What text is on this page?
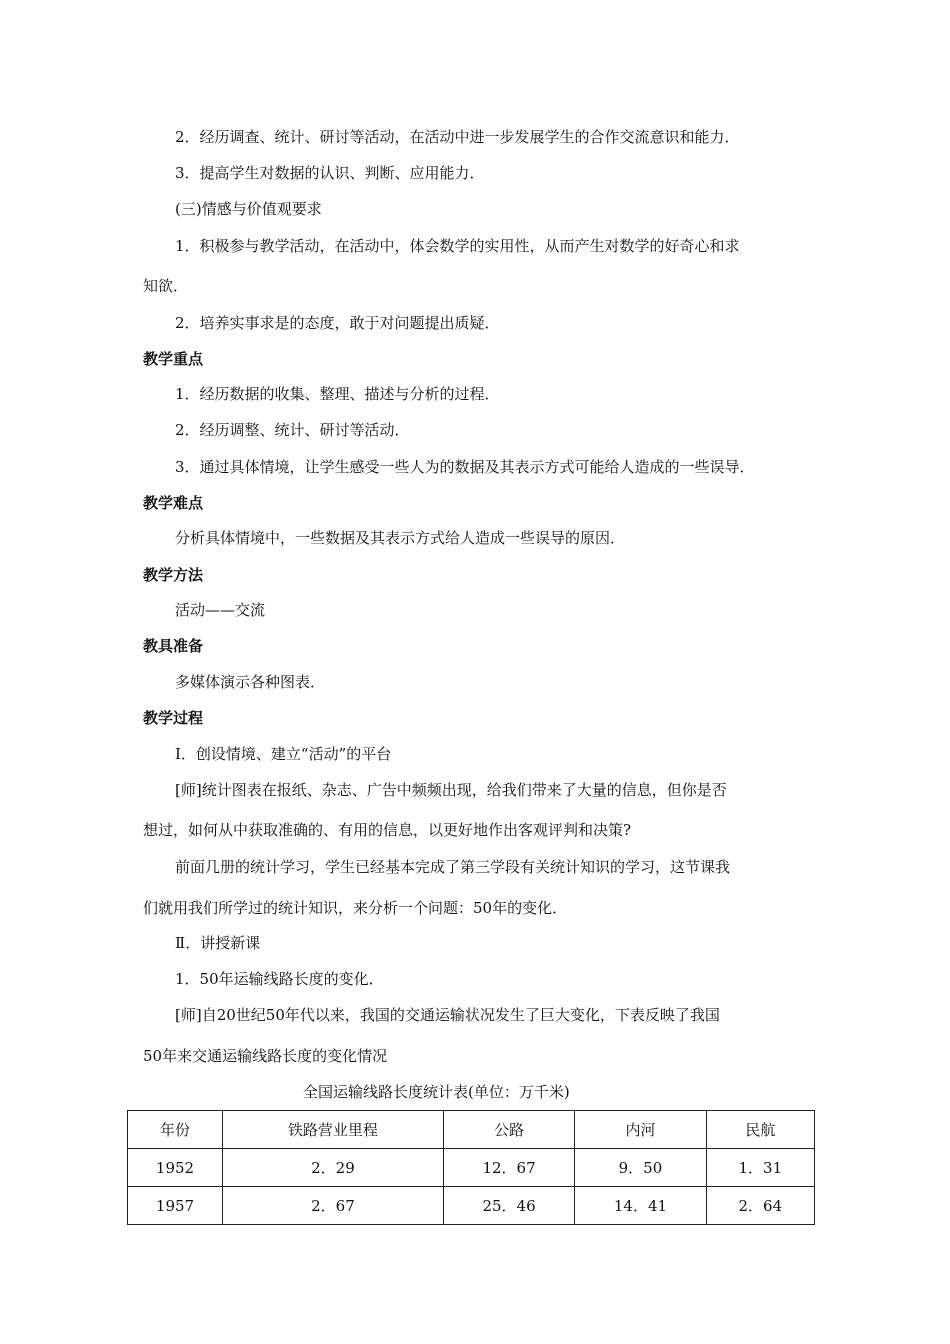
2．经历调查、统计、研讨等活动，在活动中进一步发展学生的合作交流意识和能力．
3．提高学生对数据的认识、判断、应用能力．
(三)情感与价值观要求
1．积极参与教学活动，在活动中，体会数学的实用性，从而产生对数学的好奇心和求
知欲．
2．培养实事求是的态度，敢于对问题提出质疑．
教学重点
1．经历数据的收集、整理、描述与分析的过程．
2．经历调整、统计、研讨等活动．
3．通过具体情境，让学生感受一些人为的数据及其表示方式可能给人造成的一些误导．
教学难点
分析具体情境中，一些数据及其表示方式给人造成一些误导的原因．
教学方法
活动——交流
教具准备
多媒体演示各种图表．
教学过程
Ⅰ．创设情境、建立“活动”的平台
[师]统计图表在报纸、杂志、广告中频频出现，给我们带来了大量的信息，但你是否
想过，如何从中获取准确的、有用的信息，以更好地作出客观评判和决策?
前面几册的统计学习，学生已经基本完成了第三学段有关统计知识的学习，这节课我
们就用我们所学过的统计知识，来分析一个问题：50年的变化．
Ⅱ．讲授新课
1．50年运输线路长度的变化．
[师]自20世纪50年代以来，我国的交通运输状况发生了巨大变化，下表反映了我国
50年来交通运输线路长度的变化情况
全国运输线路长度统计表(单位：万千米)
年份	铁路营业里程	公路	内河	民航
1952	2．29	12．67	9．50	1．31
1957	2．67	25．46	14．41	2．64
